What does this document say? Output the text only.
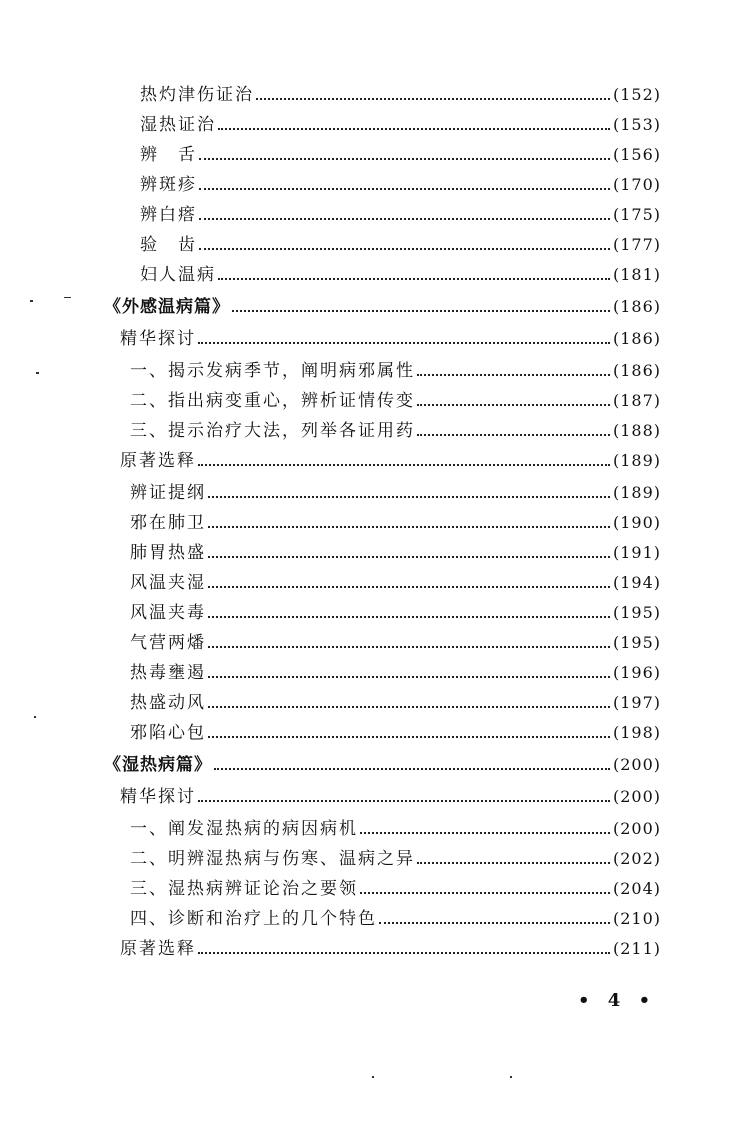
热灼津伤证治	(152)
湿热证治	(153)
辨　舌	(156)
辨斑疹	(170)
辨白瘩	(175)
验　齿	(177)
妇人温病	(181)
《外感温病篇》	(186)
精华探讨	(186)
一、揭示发病季节，阐明病邪属性	(186)
二、指出病变重心，辨析证情传变	(187)
三、提示治疗大法，列举各证用药	(188)
原著选释	(189)
辨证提纲	(189)
邪在肺卫	(190)
肺胃热盛	(191)
风温夹湿	(194)
风温夹毒	(195)
气营两燔	(195)
热毒壅遏	(196)
热盛动风	(197)
邪陷心包	(198)
《湿热病篇》	(200)
精华探讨	(200)
一、阐发湿热病的病因病机	(200)
二、明辨湿热病与伤寒、温病之异	(202)
三、湿热病辨证论治之要领	(204)
四、诊断和治疗上的几个特色	(210)
原著选释	(211)
• 4 •
